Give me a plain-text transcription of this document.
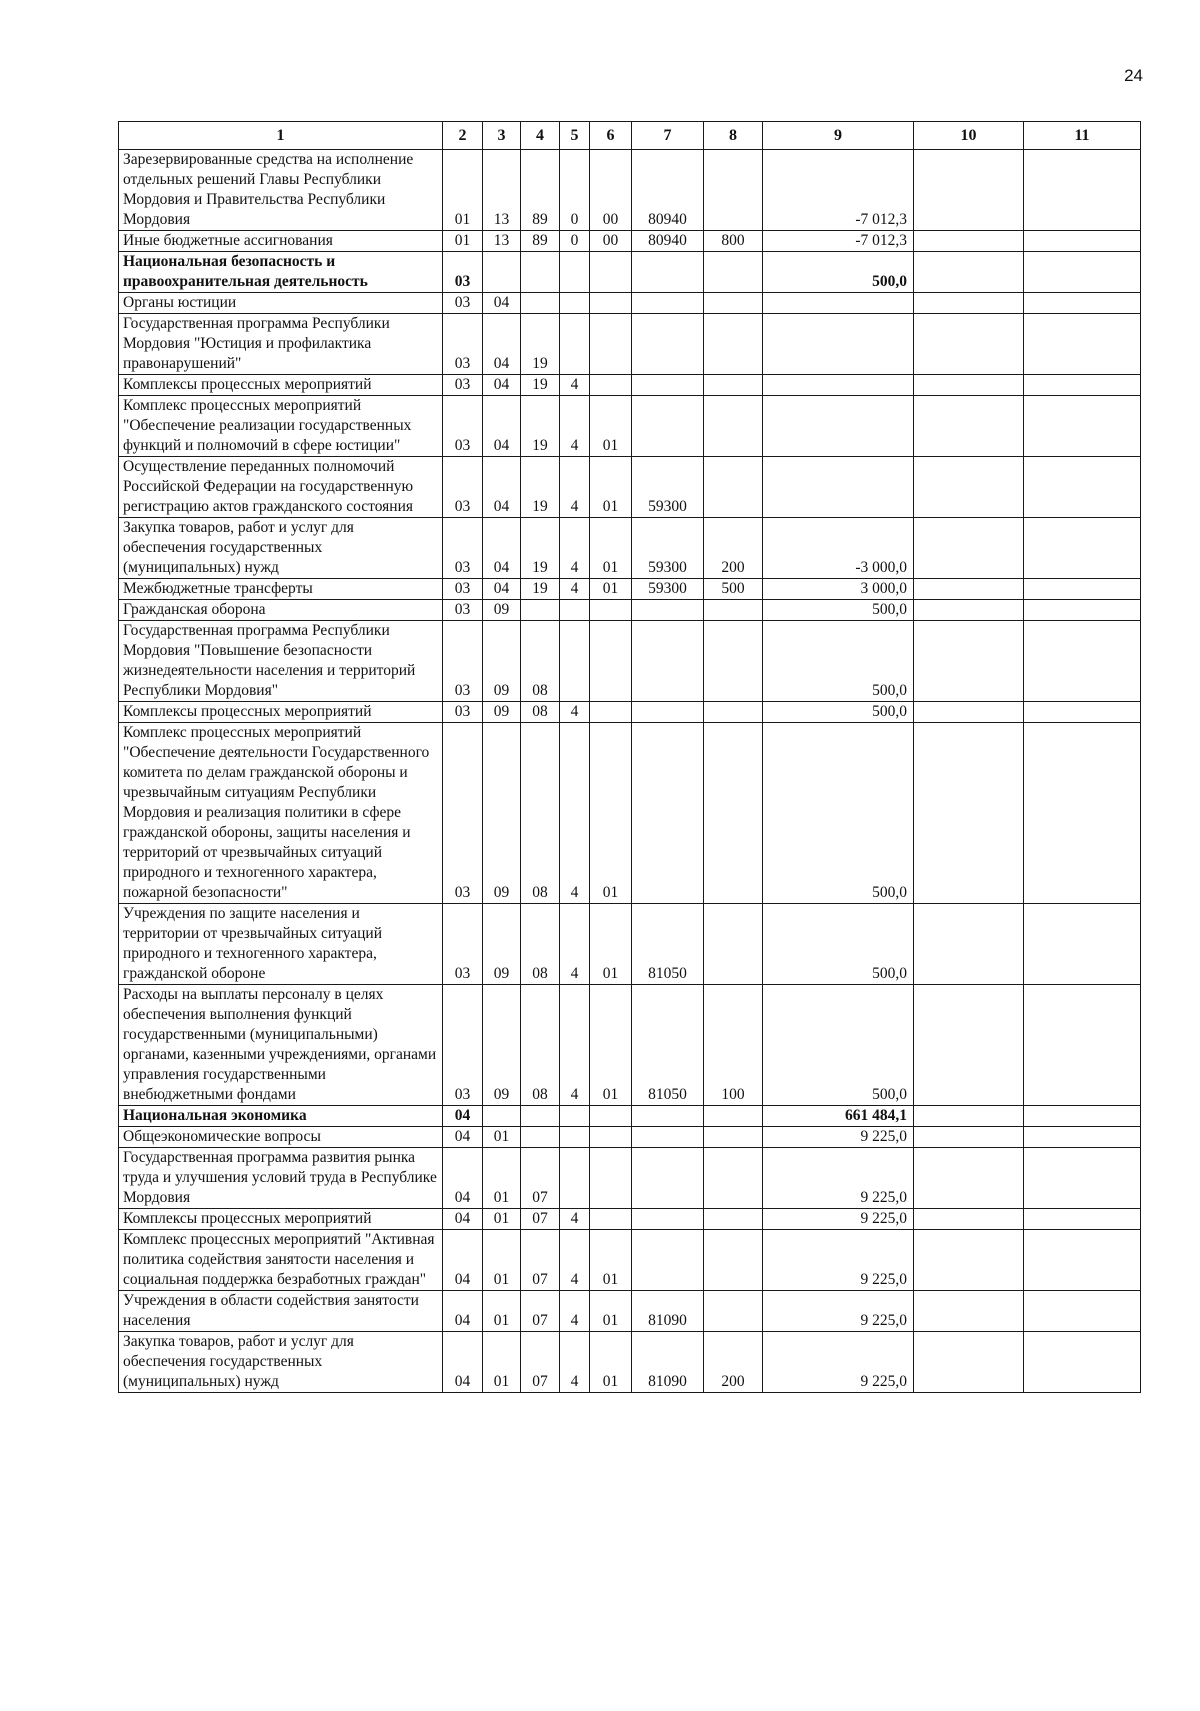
24
1	2	3	4	5	6	7	8	9	10	11
Зарезервированные средства на исполнение отдельных решений Главы Республики Мордовия и Правительства Республики Мордовия	01	13	89	0	00	80940		-7 012,3		
Иные бюджетные ассигнования	01	13	89	0	00	80940	800	-7 012,3		
Национальная безопасность и правоохранительная деятельность	03							500,0		
Органы юстиции	03	04								
Государственная программа Республики Мордовия "Юстиция и профилактика правонарушений"	03	04	19							
Комплексы процессных мероприятий	03	04	19	4						
Комплекс процессных мероприятий "Обеспечение реализации государственных функций и полномочий в сфере юстиции"	03	04	19	4	01					
Осуществление переданных полномочий Российской Федерации на государственную регистрацию актов гражданского состояния	03	04	19	4	01	59300				
Закупка товаров, работ и услуг для обеспечения государственных (муниципальных) нужд	03	04	19	4	01	59300	200	-3 000,0		
Межбюджетные трансферты	03	04	19	4	01	59300	500	3 000,0		
Гражданская оборона	03	09						500,0		
Государственная программа Республики Мордовия "Повышение безопасности жизнедеятельности населения и территорий Республики Мордовия"	03	09	08					500,0		
Комплексы процессных мероприятий	03	09	08	4				500,0		
Комплекс процессных мероприятий "Обеспечение деятельности Государственного комитета по делам гражданской обороны и чрезвычайным ситуациям Республики Мордовия и реализация политики в сфере гражданской обороны, защиты населения и территорий от чрезвычайных ситуаций природного и техногенного характера, пожарной безопасности"	03	09	08	4	01			500,0		
Учреждения по защите населения и территории от чрезвычайных ситуаций природного и техногенного характера, гражданской обороне	03	09	08	4	01	81050		500,0		
Расходы на выплаты персоналу в целях обеспечения выполнения функций государственными (муниципальными) органами, казенными учреждениями, органами управления государственными внебюджетными фондами	03	09	08	4	01	81050	100	500,0		
Национальная экономика	04							661 484,1		
Общеэкономические вопросы	04	01						9 225,0		
Государственная программа развития рынка труда и улучшения условий труда в Республике Мордовия	04	01	07					9 225,0		
Комплексы процессных мероприятий	04	01	07	4				9 225,0		
Комплекс процессных мероприятий "Активная политика содействия занятости населения и социальная поддержка безработных граждан"	04	01	07	4	01			9 225,0		
Учреждения в области содействия занятости населения	04	01	07	4	01	81090		9 225,0		
Закупка товаров, работ и услуг для обеспечения государственных (муниципальных) нужд	04	01	07	4	01	81090	200	9 225,0		
